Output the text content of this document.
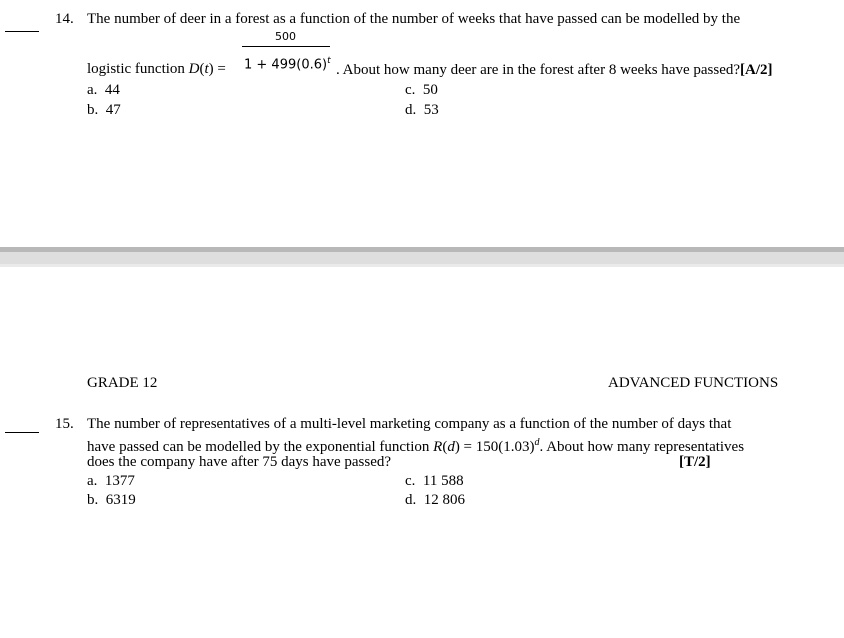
14. The number of deer in a forest as a function of the number of weeks that have passed can be modelled by the
logistic function D(t) =
500
$1 + 499(0.6)^t$
. About how many deer are in the forest after 8 weeks have passed?[A/2]
a. 44
b. 47
c. 50
d. 53
GRADE 12	ADVANCED FUNCTIONS
15. The number of representatives of a multi-level marketing company as a function of the number of days that
have passed can be modelled by the exponential function $R(d) = 150(1.03)^d$. About how many representatives
does the company have after 75 days have passed?	[T/2]
a. 1377
b. 6319
c. 11 588
d. 12 806
